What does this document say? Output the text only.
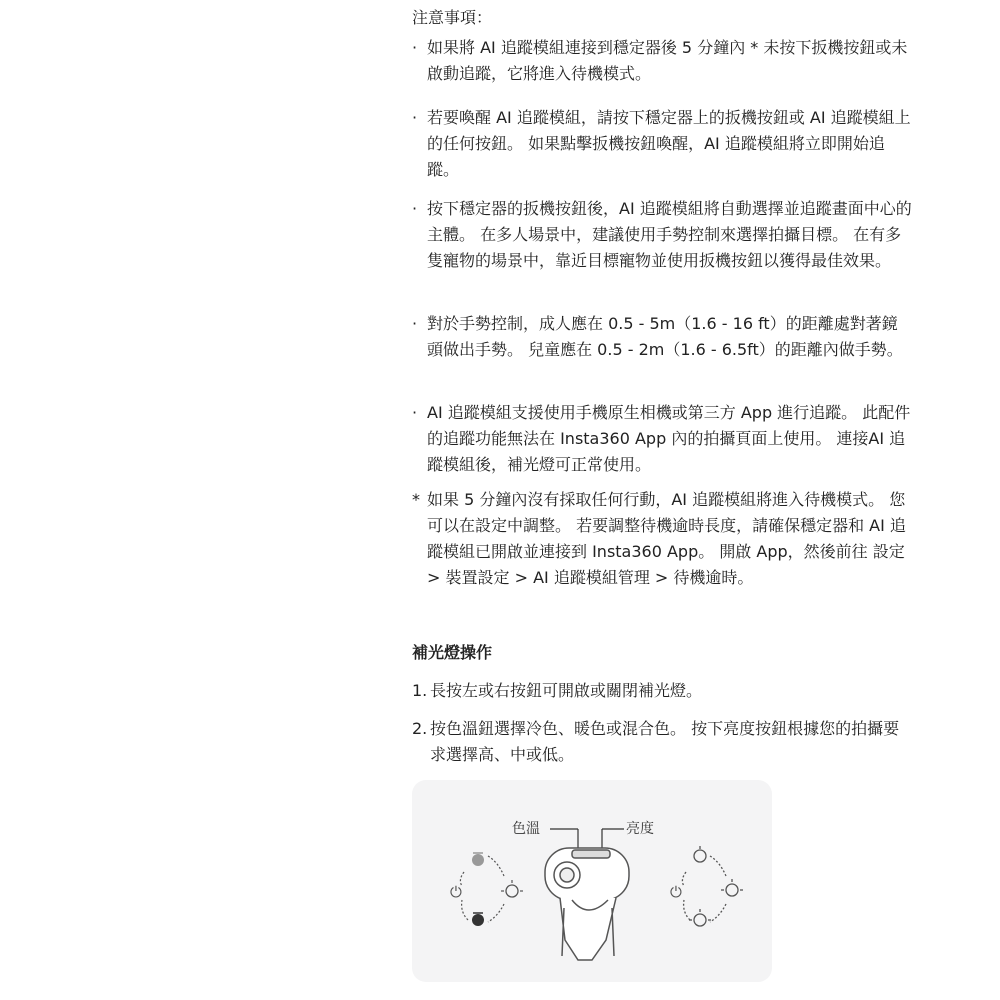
注意事項：
· 如果將 AI 追蹤模組連接到穩定器後 5 分鐘內 * 未按下扳機按鈕或未啟動追蹤，它將進入待機模式。
· 若要喚醒 AI 追蹤模組，請按下穩定器上的扳機按鈕或 AI 追蹤模組上的任何按鈕。 如果點擊扳機按鈕喚醒，AI 追蹤模組將立即開始追蹤。
· 按下穩定器的扳機按鈕後，AI 追蹤模組將自動選擇並追蹤畫面中心的主體。 在多人場景中，建議使用手勢控制來選擇拍攝目標。 在有多隻寵物的場景中，靠近目標寵物並使用扳機按鈕以獲得最佳效果。
· 對於手勢控制，成人應在 0.5 - 5m（1.6 - 16 ft）的距離處對著鏡頭做出手勢。 兒童應在 0.5 - 2m（1.6 - 6.5ft）的距離內做手勢。
· AI 追蹤模組支援使用手機原生相機或第三方 App 進行追蹤。 此配件的追蹤功能無法在 Insta360 App 內的拍攝頁面上使用。 連接AI 追蹤模組後，補光燈可正常使用。
* 如果 5 分鐘內沒有採取任何行動，AI 追蹤模組將進入待機模式。 您可以在設定中調整。 若要調整待機逾時長度，請確保穩定器和 AI 追蹤模組已開啟並連接到 Insta360 App。 開啟 App，然後前往 設定 > 裝置設定 > AI 追蹤模組管理 > 待機逾時。
補光燈操作
1. 長按左或右按鈕可開啟或關閉補光燈。
2. 按色溫鈕選擇冷色、暖色或混合色。 按下亮度按鈕根據您的拍攝要求選擇高、中或低。
色溫	亮度
⏻	⏻
